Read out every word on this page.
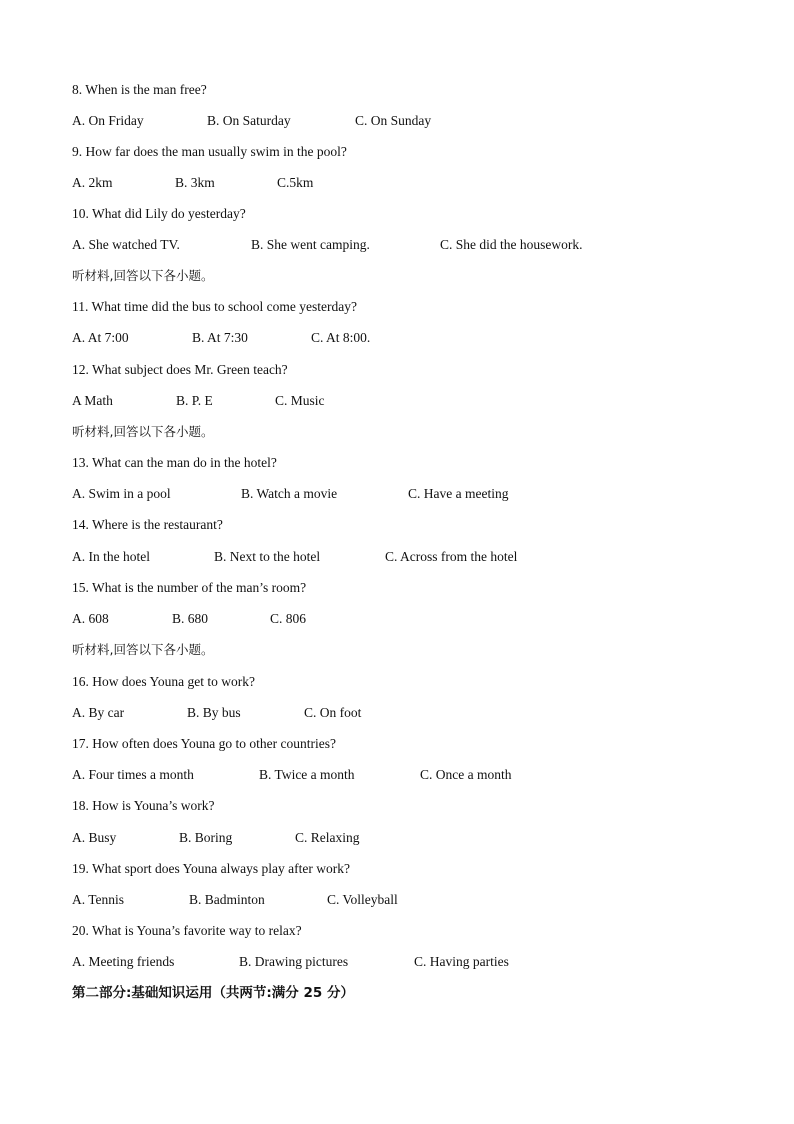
8. When is the man free?
A. On Friday	B. On Saturday	C. On Sunday
9. How far does the man usually swim in the pool?
A. 2km	B. 3km	C.5km
10. What did Lily do yesterday?
A. She watched TV.	B. She went camping.	C. She did the housework.
听材料,回答以下各小题。
11. What time did the bus to school come yesterday?
A. At 7:00	B. At 7:30	C. At 8:00.
12. What subject does Mr. Green teach?
A Math	B. P. E	C. Music
听材料,回答以下各小题。
13. What can the man do in the hotel?
A. Swim in a pool	B. Watch a movie	C. Have a meeting
14. Where is the restaurant?
A. In the hotel	B. Next to the hotel	C. Across from the hotel
15. What is the number of the man’s room?
A. 608	B. 680	C. 806
听材料,回答以下各小题。
16. How does Youna get to work?
A. By car	B. By bus	C. On foot
17. How often does Youna go to other countries?
A. Four times a month	B. Twice a month	C. Once a month
18. How is Youna’s work?
A. Busy	B. Boring	C. Relaxing
19. What sport does Youna always play after work?
A. Tennis	B. Badminton	C. Volleyball
20. What is Youna’s favorite way to relax?
A. Meeting friends	B. Drawing pictures	C. Having parties
第二部分:基础知识运用（共两节:满分 25 分）
